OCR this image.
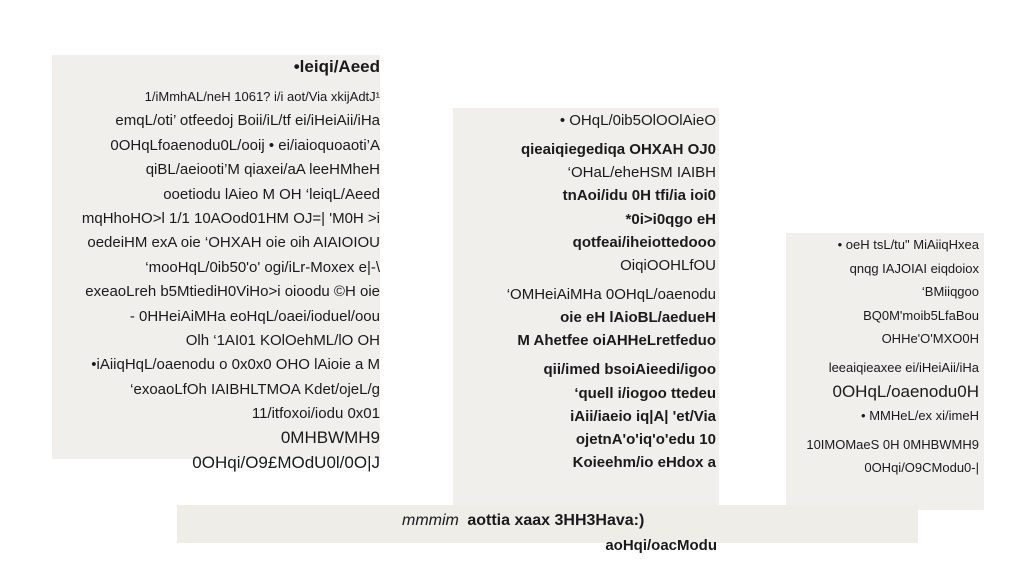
•leiqi/Aeed
1/iMmhAL/neH 1061? i/i aot/Via xkijAdtJ¹
emqL/oti’ otfeedoj Boii/iL/tf ei/iHeiAii/iHa
0OHqLfoaenodu0L/ooij • ei/iaioquoaoti’A
qiBL/aeiooti’M qiaxei/aA leeHMheH
ooetiodu lAieo M OH ‘leiqL/Aeed
mqHhoHO>l 1/1 10AOod01HM OJ=| 'M0H >i
oedeiHM exA oie ‘OHXAH oie oih AIAIOIOU
‘mooHqL/0ib50'o' ogi/iLr-Moxex e|-\
exeaoLreh b5MtiediH0ViHo>i oioodu ©H oie
- 0HHeiAiMHa eoHqL/oaei/ioduel/oou
Olh ‘1AI01 KOlOehML/lO OH
•iAiiqHqL/oaenodu o 0x0x0 OHO lAioie a M
‘exoaoLfOh IAIBHLTMOA Kdet/ojeL/g
11/itfoxoi/iodu 0x01
0MHBWMH9
0OHqi/O9£MOdU0l/0O|J
• OHqL/0ib5OlOOlAieO
qieaiqiegediqa OHXAH OJ0
‘OHaL/eheHSM IAIBH
tnAoi/idu 0H tfi/ia ioi0
*0i>i0qgo eH
qotfeai/iheiottedooo
OiqiOOHLfOU
‘OMHeiAiMHa 0OHqL/oaenodu
oie eH lAioBL/aedueH
M Ahetfee oiAHHeLretfeduo
qii/imed bsoiAieedi/igoo
‘quell i/iogoo ttedeu
iAii/iaeio iq|A| 'et/Via
ojetnA'o'iq'o'edu 10
Koieehm/io eHdox a
• oeH tsL/tu" MiAiiqHxea
qnqg IAJOIAI eiqdoiox
‘BMiiqgoo
BQ0M'moib5LfaBou
OHHe'O'MXO0H
leeaiqieaxee ei/iHeiAii/iHa
0OHqL/oaenodu0H
• MMHeL/ex xi/imeH
10IMOMaeS 0H 0MHBWMH9
0OHqi/O9CModu0-|
mmmim aottia xaax 3HH3Hava:)
aoHqi/oacModu
